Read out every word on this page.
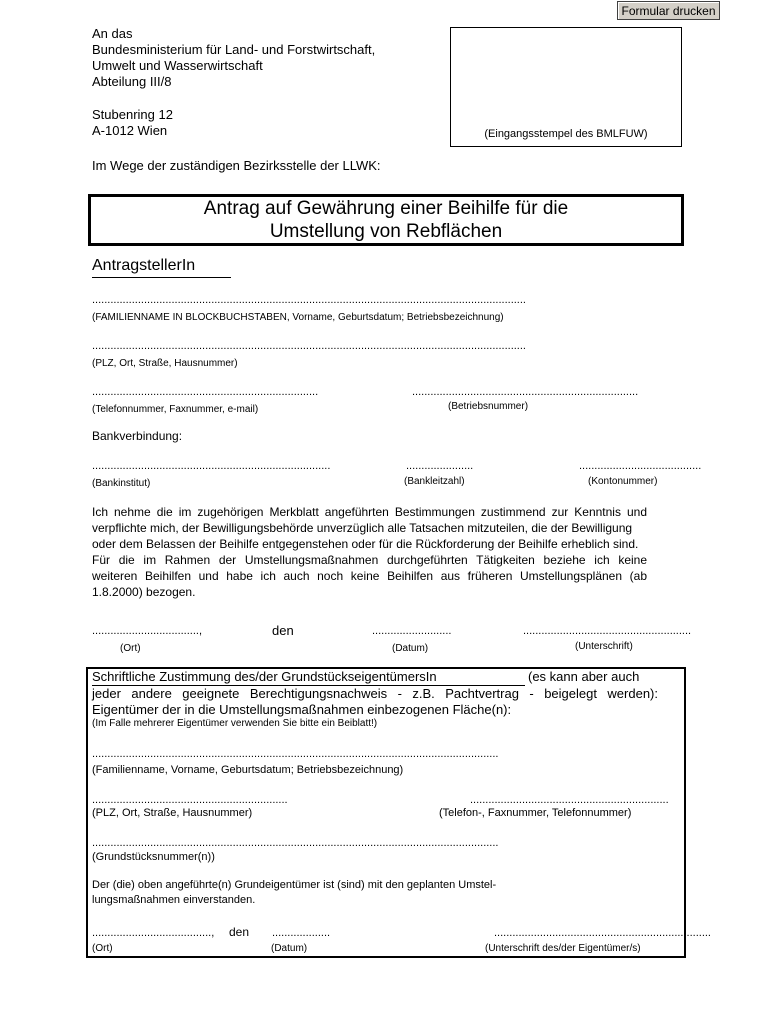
Formular drucken
An das
Bundesministerium für Land- und Forstwirtschaft,
Umwelt und Wasserwirtschaft
Abteilung III/8
Stubenring 12
A-1012 Wien	(Eingangsstempel des BMLFUW)
Im Wege der zuständigen Bezirksstelle der LLWK:
Antrag auf Gewährung einer Beihilfe für die
Umstellung von Rebflächen
AntragstellerIn
..............................................................................................................................................
(FAMILIENNAME IN BLOCKBUCHSTABEN, Vorname, Geburtsdatum; Betriebsbezeichnung)
..............................................................................................................................................
(PLZ, Ort, Straße, Hausnummer)
..........................................................................	..........................................................................
(Telefonnummer, Faxnummer, e-mail)	(Betriebsnummer)
Bankverbindung:
..............................................................................	......................	........................................
(Bankinstitut)	(Bankleitzahl)	(Kontonummer)
Ich nehme die im zugehörigen Merkblatt angeführten Bestimmungen zustimmend zur Kenntnis und
verpflichte mich, der Bewilligungsbehörde unverzüglich alle Tatsachen mitzuteilen, die der Bewilligung
oder dem Belassen der Beihilfe entgegenstehen oder für die Rückforderung der Beihilfe erheblich sind.
Für die im Rahmen der Umstellungsmaßnahmen durchgeführten Tätigkeiten beziehe ich keine
weiteren Beihilfen und habe ich auch noch keine Beihilfen aus früheren Umstellungsplänen (ab
1.8.2000) bezogen.
...................................,	den	..........................	.......................................................
(Ort)	(Datum)	(Unterschrift)
Schriftliche Zustimmung des/der GrundstückseigentümersIn	(es kann aber auch
jeder andere geeignete Berechtigungsnachweis - z.B. Pachtvertrag - beigelegt werden):
Eigentümer der in die Umstellungsmaßnahmen einbezogenen Fläche(n):
(Im Falle mehrerer Eigentümer verwenden Sie bitte ein Beiblatt!)
.....................................................................................................................................
(Familienname, Vorname, Geburtsdatum; Betriebsbezeichnung)
................................................................	.................................................................
(PLZ, Ort, Straße, Hausnummer)	(Telefon-, Faxnummer, Telefonnummer)
.....................................................................................................................................
(Grundstücksnummer(n))
Der (die) oben angeführte(n) Grundeigentümer ist (sind) mit den geplanten Umstel-
lungsmaßnahmen einverstanden.
......................................., den ...................	.......................................................................
(Ort)	(Datum)	(Unterschrift des/der Eigentümer/s)
